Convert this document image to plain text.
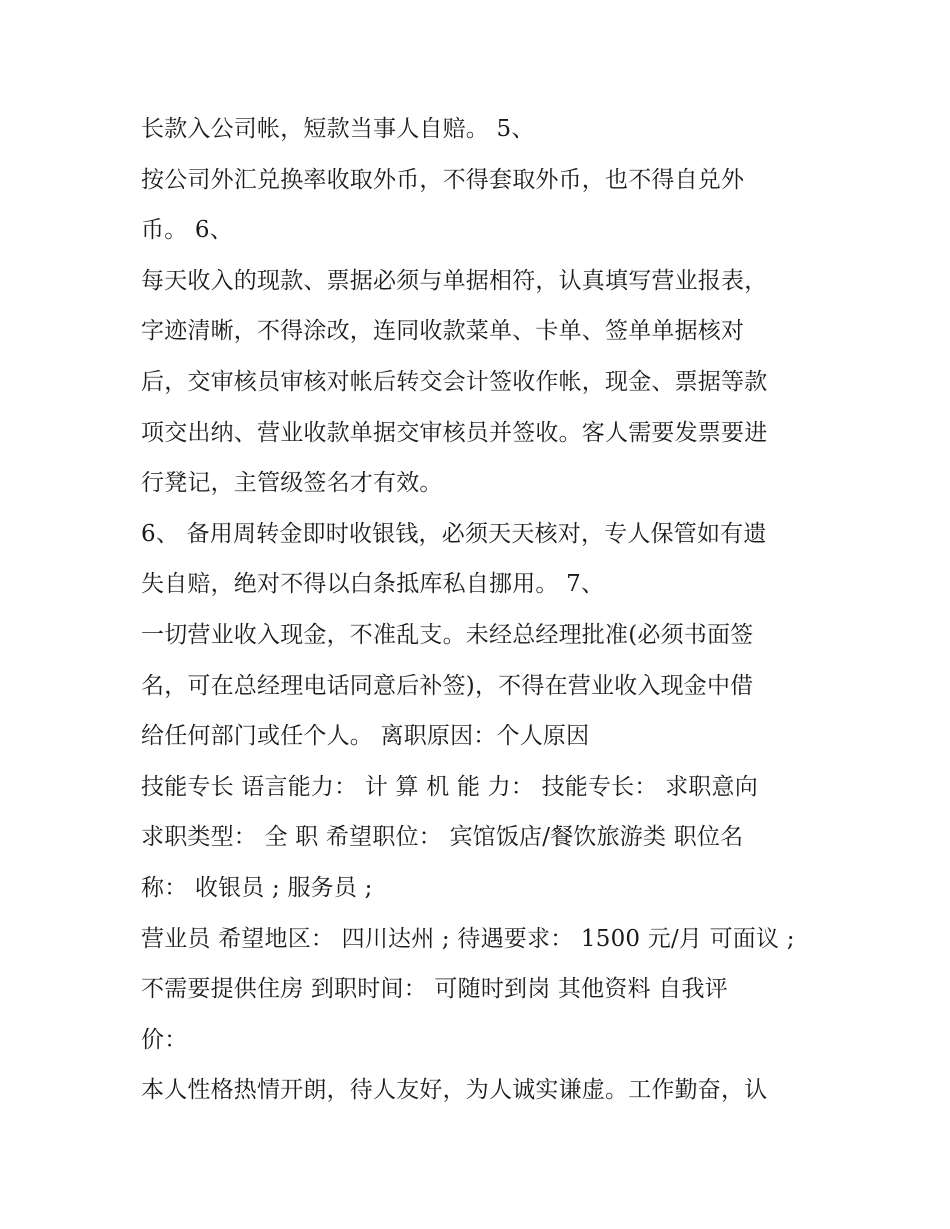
长款入公司帐，短款当事人自赔。 5、
按公司外汇兑换率收取外币，不得套取外币，也不得自兑外
币。 6、
每天收入的现款、票据必须与单据相符，认真填写营业报表，
字迹清晰，不得涂改，连同收款菜单、卡单、签单单据核对
后，交审核员审核对帐后转交会计签收作帐，现金、票据等款
项交出纳、营业收款单据交审核员并签收。客人需要发票要进
行凳记，主管级签名才有效。
6、 备用周转金即时收银钱，必须天天核对，专人保管如有遗
失自赔，绝对不得以白条抵库私自挪用。 7、
一切营业收入现金，不准乱支。未经总经理批准(必须书面签
名，可在总经理电话同意后补签)，不得在营业收入现金中借
给任何部门或任个人。 离职原因：个人原因
技能专长 语言能力： 计 算 机 能 力： 技能专长： 求职意向
求职类型： 全 职 希望职位： 宾馆饭店/餐饮旅游类 职位名
称： 收银员 ; 服务员 ;
营业员 希望地区： 四川达州 ; 待遇要求： 1500 元/月 可面议 ;
不需要提供住房 到职时间： 可随时到岗 其他资料 自我评
价：
本人性格热情开朗，待人友好，为人诚实谦虚。工作勤奋，认
